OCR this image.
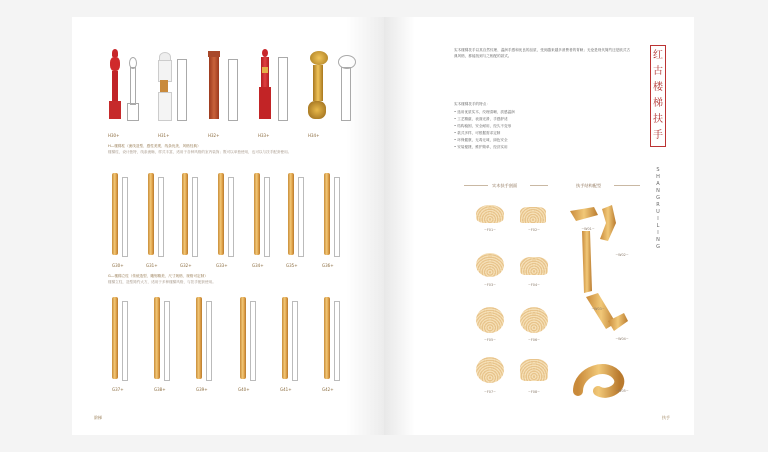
H30+	H31+	H32+	H33+	H34+
H—楼梯柱（流线造型、感性美观、线条优美、风格经典）
楼梯柱，设计独特，线条流畅，样式丰富，适用于各种风格的室内装饰；既可以单独使用，也可以与扶手配套使用。
G30+	G31+	G32+	G33+	G34+	G35+	G36+
G—楼梯立柱（传统造型、雕刻精美、尺寸规格、规格可定制）
楼梯立柱，造型简约大方，适用于多种楼梯风格，与扶手配套使用。
G37+	G38+	G39+	G40+	G41+	G42+
阶梯
实木楼梯扶手以其自然纹理、温润手感和优良的品质，受到越来越多消费者的青睐；无论是现代简约还是欧式古典风格，都能找到与之相配的款式。
实木楼梯扶手的特点：
• 选用优质实木，纹理清晰，质感温润
• 工艺精湛，表面光滑，手感舒适
• 结构稳固，安全耐用，经久不变形
• 款式多样，可根据需求定制
• 环保健康，无毒无味，绿色安全
• 安装便捷，维护简单，经济实用
红
古
楼
梯
扶
手
SHANGRUILING
实木扶手剖面	扶手结构配型
~F01~	~F02~
~F03~	~F04~
~F05~	~F06~
~F07~	~F08~
~W01~
~W02~
~W03~
~W04~
~W05~
扶手
